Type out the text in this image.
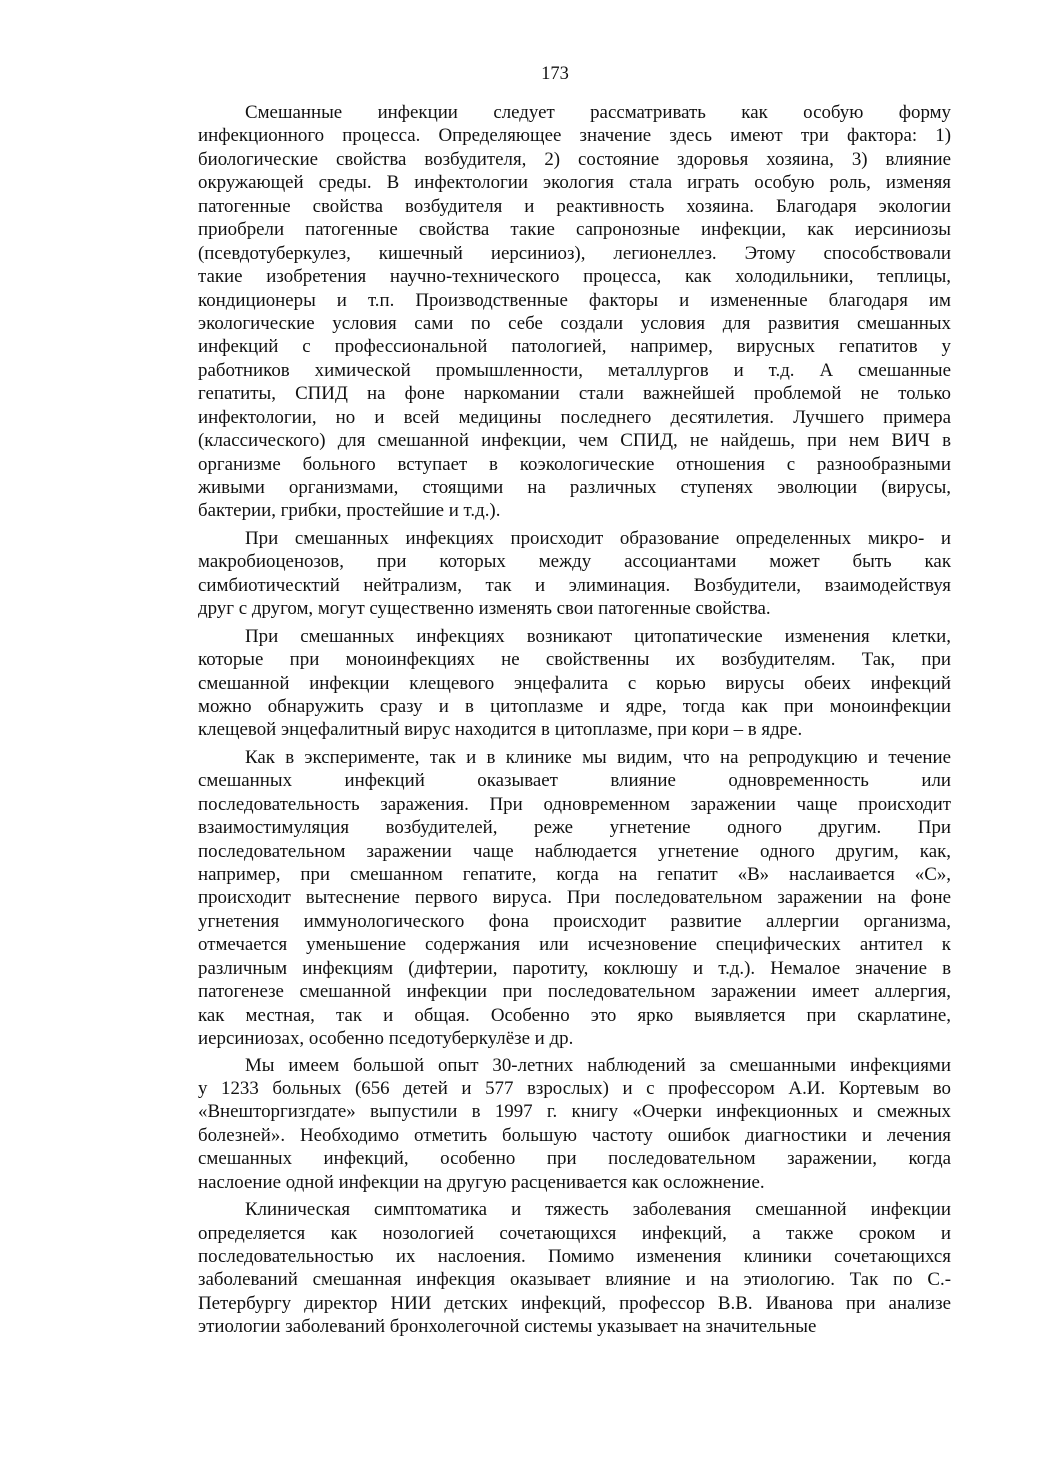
173

Смешанные инфекции следует рассматривать как особую форму
инфекционного процесса. Определяющее значение здесь имеют три фактора: 1)
биологические свойства возбудителя, 2) состояние здоровья хозяина, 3) влияние
окружающей среды. В инфектологии экология стала играть особую роль, изменяя
патогенные свойства возбудителя и реактивность хозяина. Благодаря экологии
приобрели патогенные свойства такие сапронозные инфекции, как иерсиниозы
(псевдотуберкулез, кишечный иерсиниоз), легионеллез. Этому способствовали
такие изобретения научно-технического процесса, как холодильники, теплицы,
кондиционеры и т.п. Производственные факторы и измененные благодаря им
экологические условия сами по себе создали условия для развития смешанных
инфекций с профессиональной патологией, например, вирусных гепатитов у
работников химической промышленности, металлургов и т.д. А смешанные
гепатиты, СПИД на фоне наркомании стали важнейшей проблемой не только
инфектологии, но и всей медицины последнего десятилетия. Лучшего примера
(классического) для смешанной инфекции, чем СПИД, не найдешь, при нем ВИЧ в
организме больного вступает в коэкологические отношения с разнообразными
живыми организмами, стоящими на различных ступенях эволюции (вирусы,
бактерии, грибки, простейшие и т.д.).

При смешанных инфекциях происходит образование определенных микро- и
макробиоценозов, при которых между ассоциантами может быть как
симбиотическтий нейтрализм, так и элиминация. Возбудители, взаимодействуя
друг с другом, могут существенно изменять свои патогенные свойства.

При смешанных инфекциях возникают цитопатические изменения клетки,
которые при моноинфекциях не свойственны их возбудителям. Так, при
смешанной инфекции клещевого энцефалита с корью вирусы обеих инфекций
можно обнаружить сразу и в цитоплазме и ядре, тогда как при моноинфекции
клещевой энцефалитный вирус находится в цитоплазме, при кори – в ядре.

Как в эксперименте, так и в клинике мы видим, что на репродукцию и течение
смешанных инфекций оказывает влияние одновременность или
последовательность заражения. При одновременном заражении чаще происходит
взаимостимуляция возбудителей, реже угнетение одного другим. При
последовательном заражении чаще наблюдается угнетение одного другим, как,
например, при смешанном гепатите, когда на гепатит «В» наслаивается «С»,
происходит вытеснение первого вируса. При последовательном заражении на фоне
угнетения иммунологического фона происходит развитие аллергии организма,
отмечается уменьшение содержания или исчезновение специфических антител к
различным инфекциям (дифтерии, паротиту, коклюшу и т.д.). Немалое значение в
патогенезе смешанной инфекции при последовательном заражении имеет аллергия,
как местная, так и общая. Особенно это ярко выявляется при скарлатине,
иерсиниозах, особенно пседотуберкулёзе и др.

Мы имеем большой опыт 30-летних наблюдений за смешанными инфекциями
у 1233 больных (656 детей и 577 взрослых) и с профессором А.И. Кортевым во
«Внешторгизгдате» выпустили в 1997 г. книгу «Очерки инфекционных и смежных
болезней». Необходимо отметить большую частоту ошибок диагностики и лечения
смешанных инфекций, особенно при последовательном заражении, когда
наслоение одной инфекции на другую расценивается как осложнение.

Клиническая симптоматика и тяжесть заболевания смешанной инфекции
определяется как нозологией сочетающихся инфекций, а также сроком и
последовательностью их наслоения. Помимо изменения клиники сочетающихся
заболеваний смешанная инфекция оказывает влияние и на этиологию. Так по С.-
Петербургу директор НИИ детских инфекций, профессор В.В. Иванова при анализе
этиологии заболеваний бронхолегочной системы указывает на значительные
